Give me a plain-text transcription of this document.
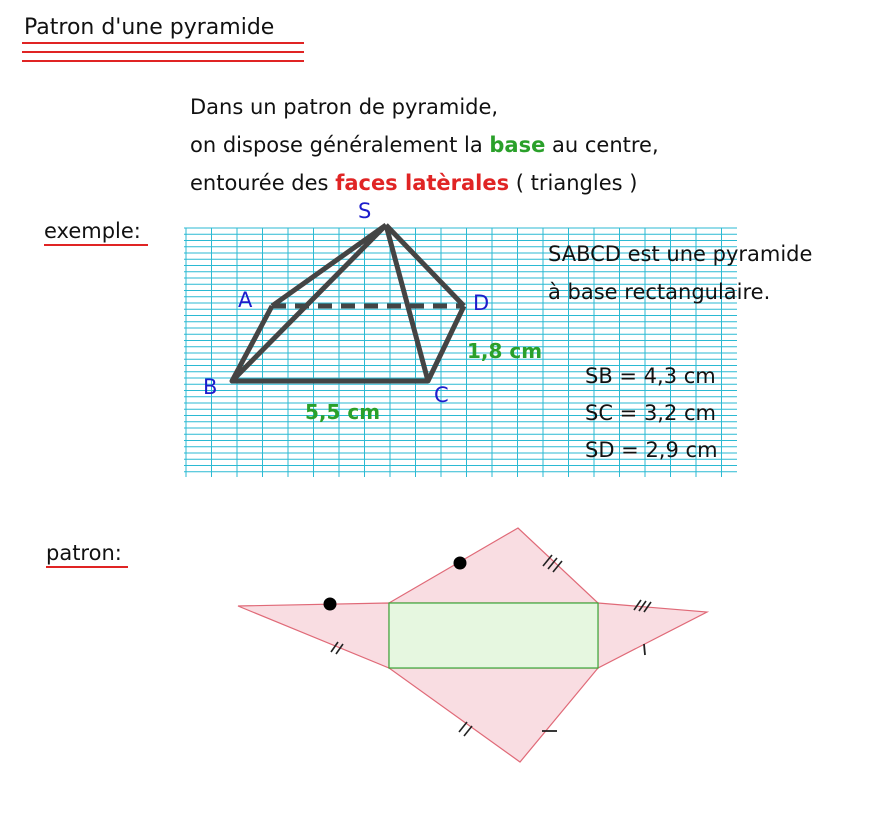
Patron d'une pyramide
Dans un patron de pyramide,
on dispose généralement la base au centre,
entourée des faces latèrales ( triangles )
exemple:
patron:
S
A
B	C
D
5,5 cm
1,8 cm
SABCD est une pyramide
à base rectangulaire.
SB = 4,3 cm
SC = 3,2 cm
SD = 2,9 cm
